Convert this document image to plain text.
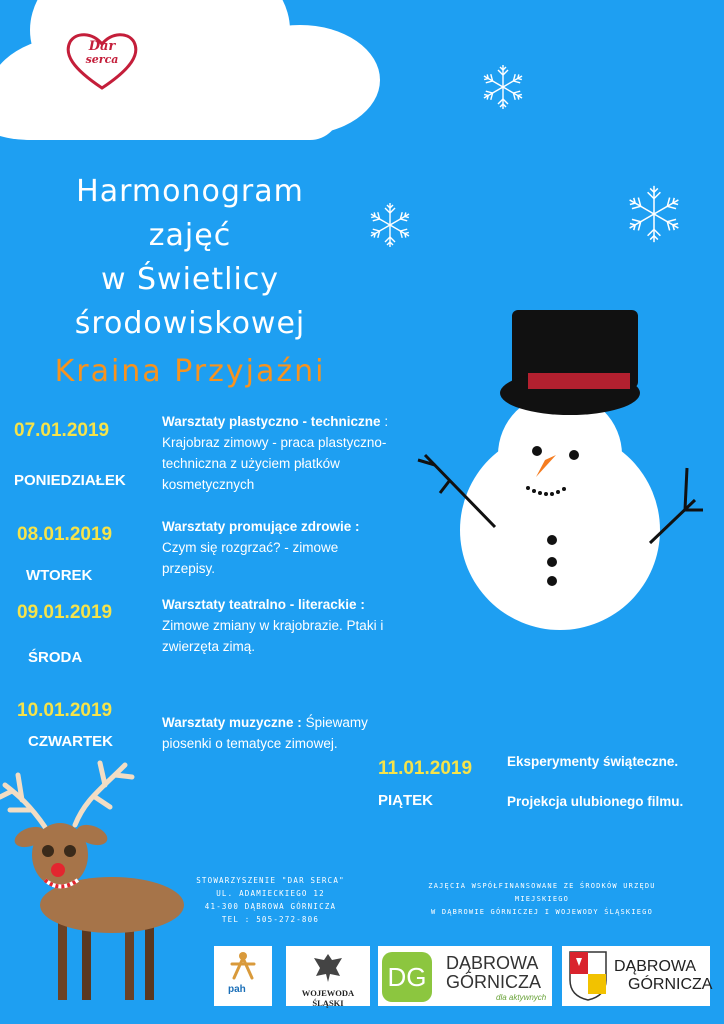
Dar
serca
Harmonogram
zajęć
w Świetlicy
środowiskowej
Kraina Przyjaźni
07.01.2019
PONIEDZIAŁEK
Warsztaty plastyczno - techniczne : Krajobraz zimowy - praca plastyczno-techniczna z użyciem płatków kosmetycznych
08.01.2019
WTOREK
Warsztaty promujące zdrowie :
Czym się rozgrzać? - zimowe przepisy.
09.01.2019
ŚRODA
Warsztaty teatralno - literackie :
Zimowe zmiany w krajobrazie. Ptaki i zwierzęta zimą.
10.01.2019
CZWARTEK
Warsztaty muzyczne : Śpiewamy piosenki o tematyce zimowej.
11.01.2019
PIĄTEK
Eksperymenty świąteczne.
Projekcja ulubionego filmu.
STOWARZYSZENIE "DAR SERCA"
UL. ADAMIECKIEGO 12
41-300 DĄBROWA GÓRNICZA
TEL : 505-272-806
ZAJĘCIA WSPÓŁFINANSOWANE ZE ŚRODKÓW URZĘDU
MIEJSKIEGO
W DĄBROWIE GÓRNICZEJ I WOJEWODY ŚLĄSKIEGO
pah	WOJEWODA ŚLĄSKI
DG	DĄBROWA
GÓRNICZA
dla aktywnych
DĄBROWA
GÓRNICZA
